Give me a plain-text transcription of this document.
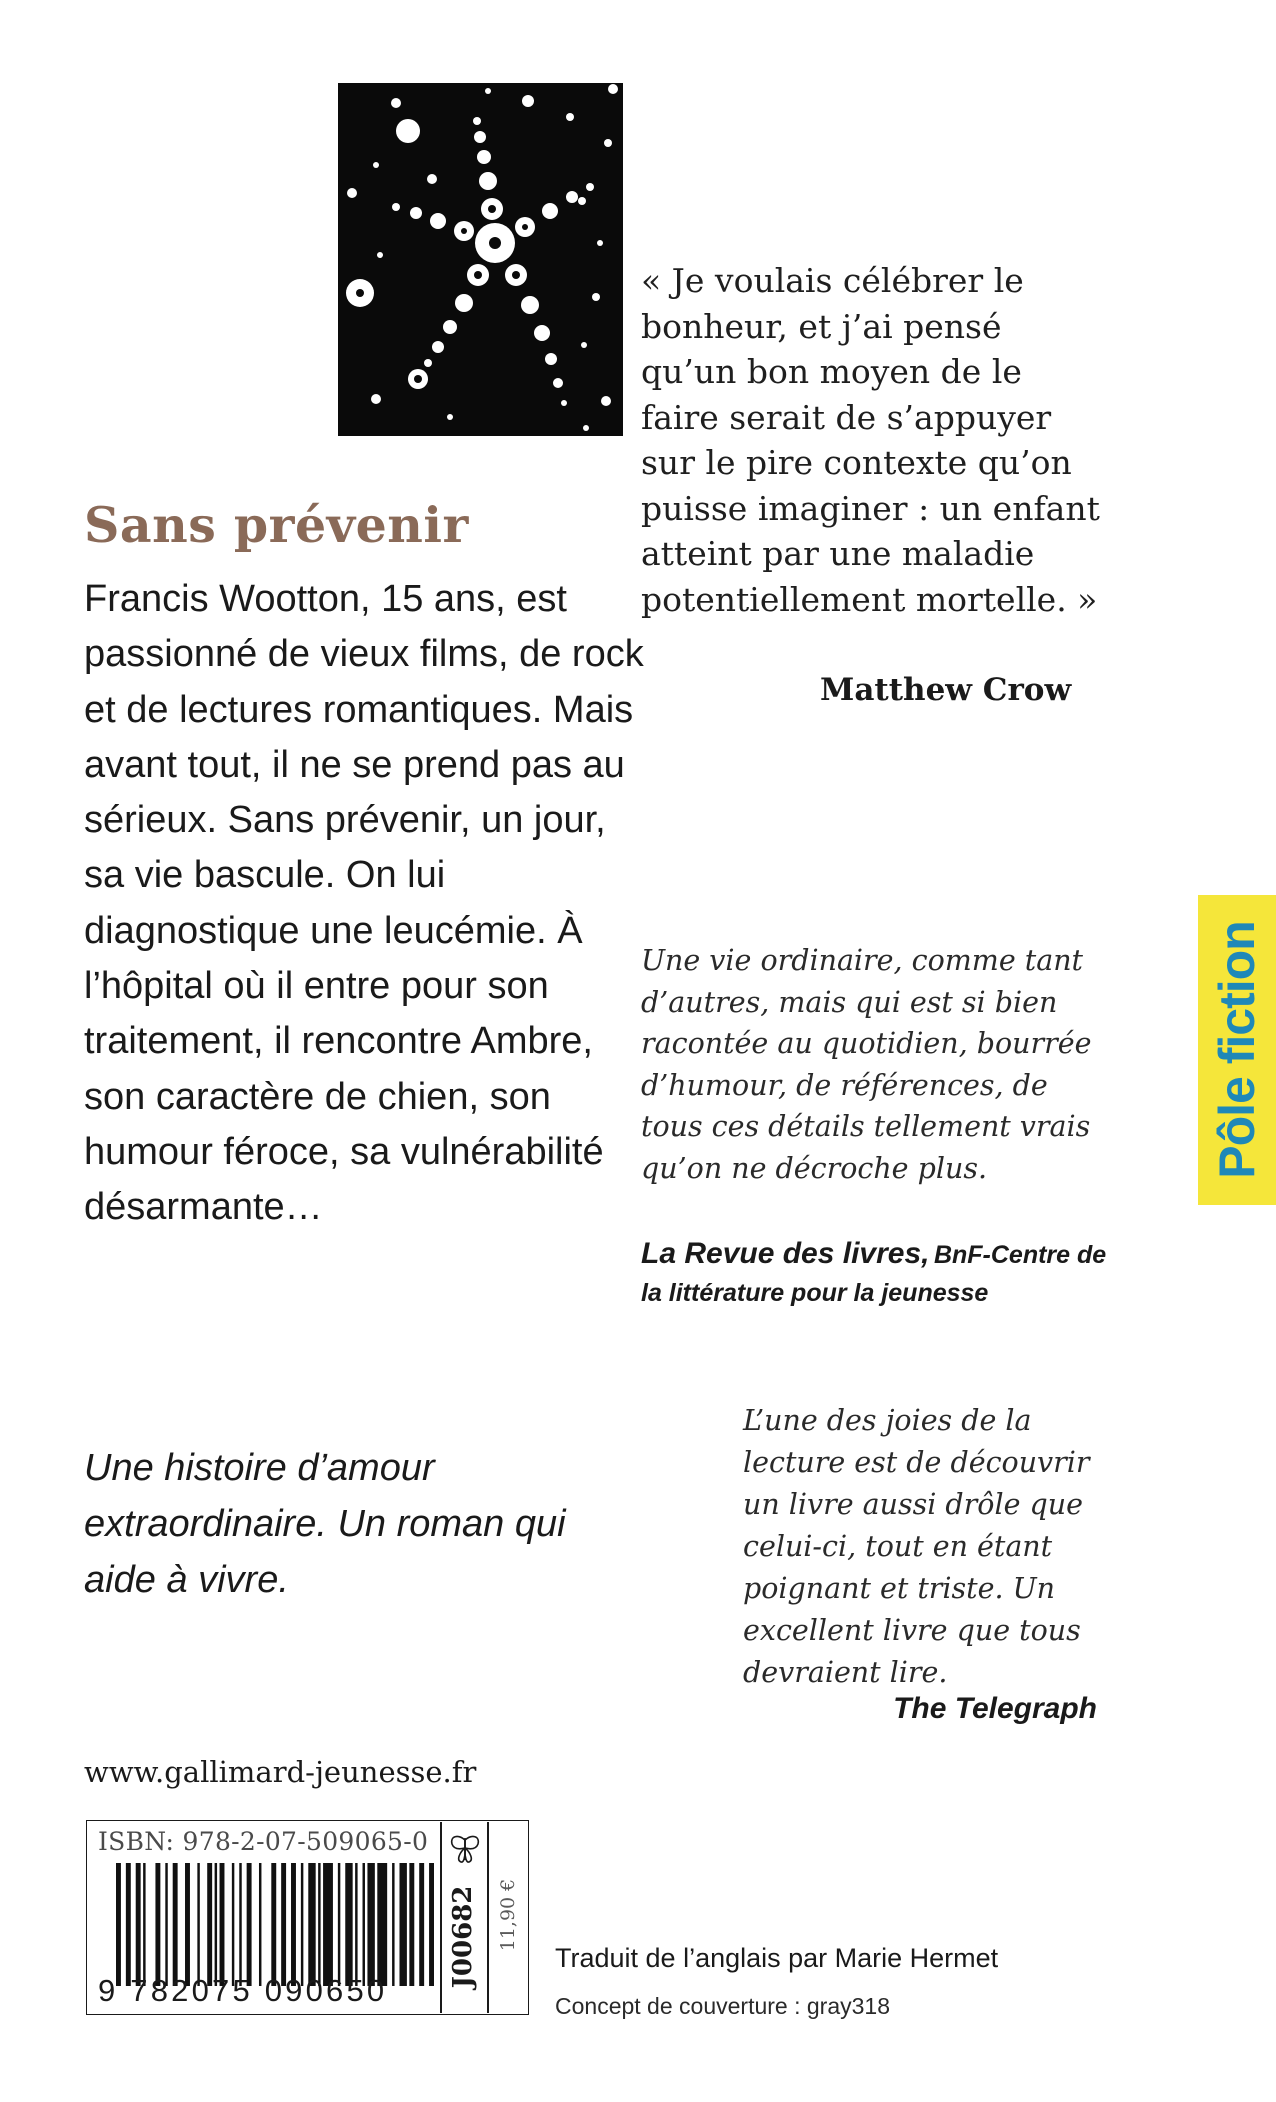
Sans prévenir

Francis Wootton, 15 ans, est passionné de vieux films, de rock et de lectures romantiques. Mais avant tout, il ne se prend pas au sérieux. Sans prévenir, un jour, sa vie bascule. On lui diagnostique une leucémie. À l’hôpital où il entre pour son traitement, il rencontre Ambre, son caractère de chien, son humour féroce, sa vulnérabilité désarmante…

Une histoire d’amour extraordinaire. Un roman qui aide à vivre.

« Je voulais célébrer le bonheur, et j’ai pensé qu’un bon moyen de le faire serait de s’appuyer sur le pire contexte qu’on puisse imaginer : un enfant atteint par une maladie potentiellement mortelle. »

Matthew Crow

Une vie ordinaire, comme tant d’autres, mais qui est si bien racontée au quotidien, bourrée d’humour, de références, de tous ces détails tellement vrais qu’on ne décroche plus.

La Revue des livres, BnF-Centre de la littérature pour la jeunesse

L’une des joies de la lecture est de découvrir un livre aussi drôle que celui-ci, tout en étant poignant et triste. Un excellent livre que tous devraient lire.

The Telegraph

Pôle fiction

www.gallimard-jeunesse.fr

ISBN: 978-2-07-509065-0

9 782075 090650

J00682 11,90 €

Traduit de l’anglais par Marie Hermet

Concept de couverture : gray318
